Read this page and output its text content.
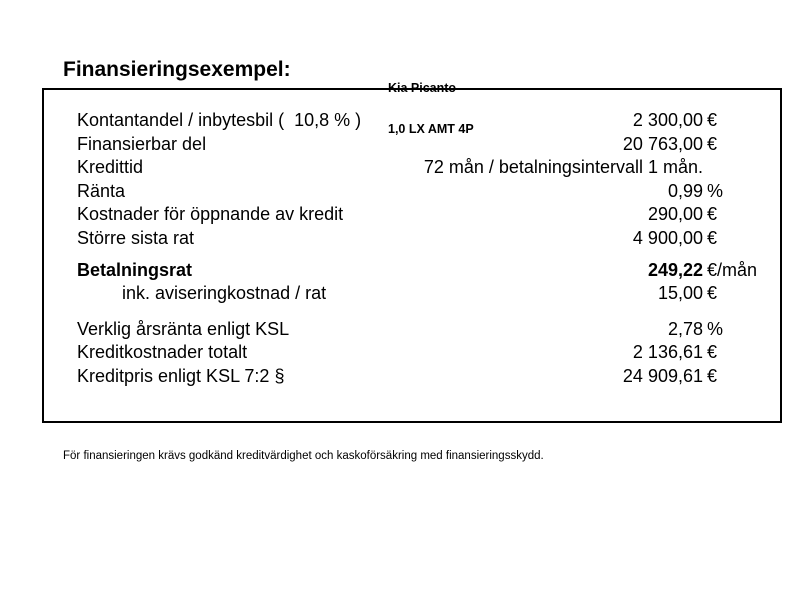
Finansieringsexempel:

Kia Picanto

1,0 LX AMT 4P

Kontantandel / inbytesbil (  10,8 % )	2 300,00 €
Finansierbar del	20 763,00 €
Kredittid	72 mån / betalningsintervall 1 mån.
Ränta	0,99 %
Kostnader för öppnande av kredit	290,00 €
Större sista rat	4 900,00 €
Betalningsrat	249,22 €/mån
ink. aviseringkostnad / rat	15,00 €
Verklig årsränta enligt KSL	2,78 %
Kreditkostnader totalt	2 136,61 €
Kreditpris enligt KSL 7:2 §	24 909,61 €

För finansieringen krävs godkänd kreditvärdighet och kaskoförsäkring med finansieringsskydd.
